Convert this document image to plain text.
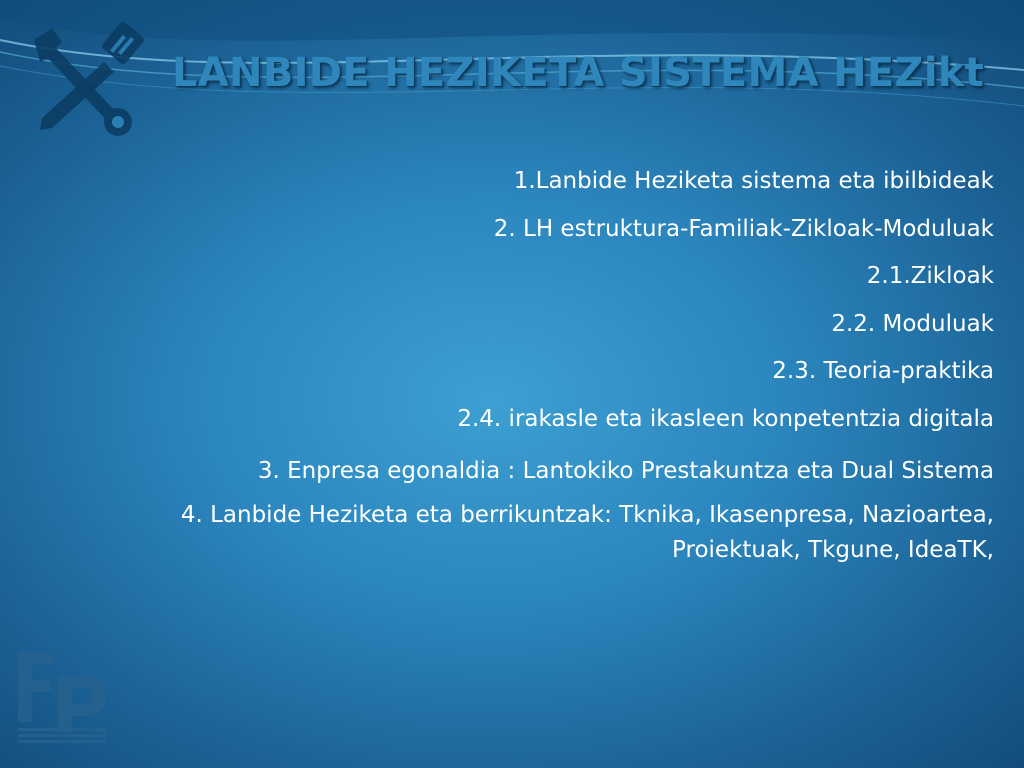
LANBIDE HEZIKETA SISTEMA HEZikt
1.Lanbide Heziketa sistema eta ibilbideak
2. LH estruktura-Familiak-Zikloak-Moduluak
2.1.Zikloak
2.2. Moduluak
2.3. Teoria-praktika
2.4. irakasle eta ikasleen konpetentzia digitala
3. Enpresa egonaldia : Lantokiko Prestakuntza eta Dual Sistema
4. Lanbide Heziketa eta berrikuntzak: Tknika, Ikasenpresa, Nazioartea, Proiektuak, Tkgune, IdeaTK,
